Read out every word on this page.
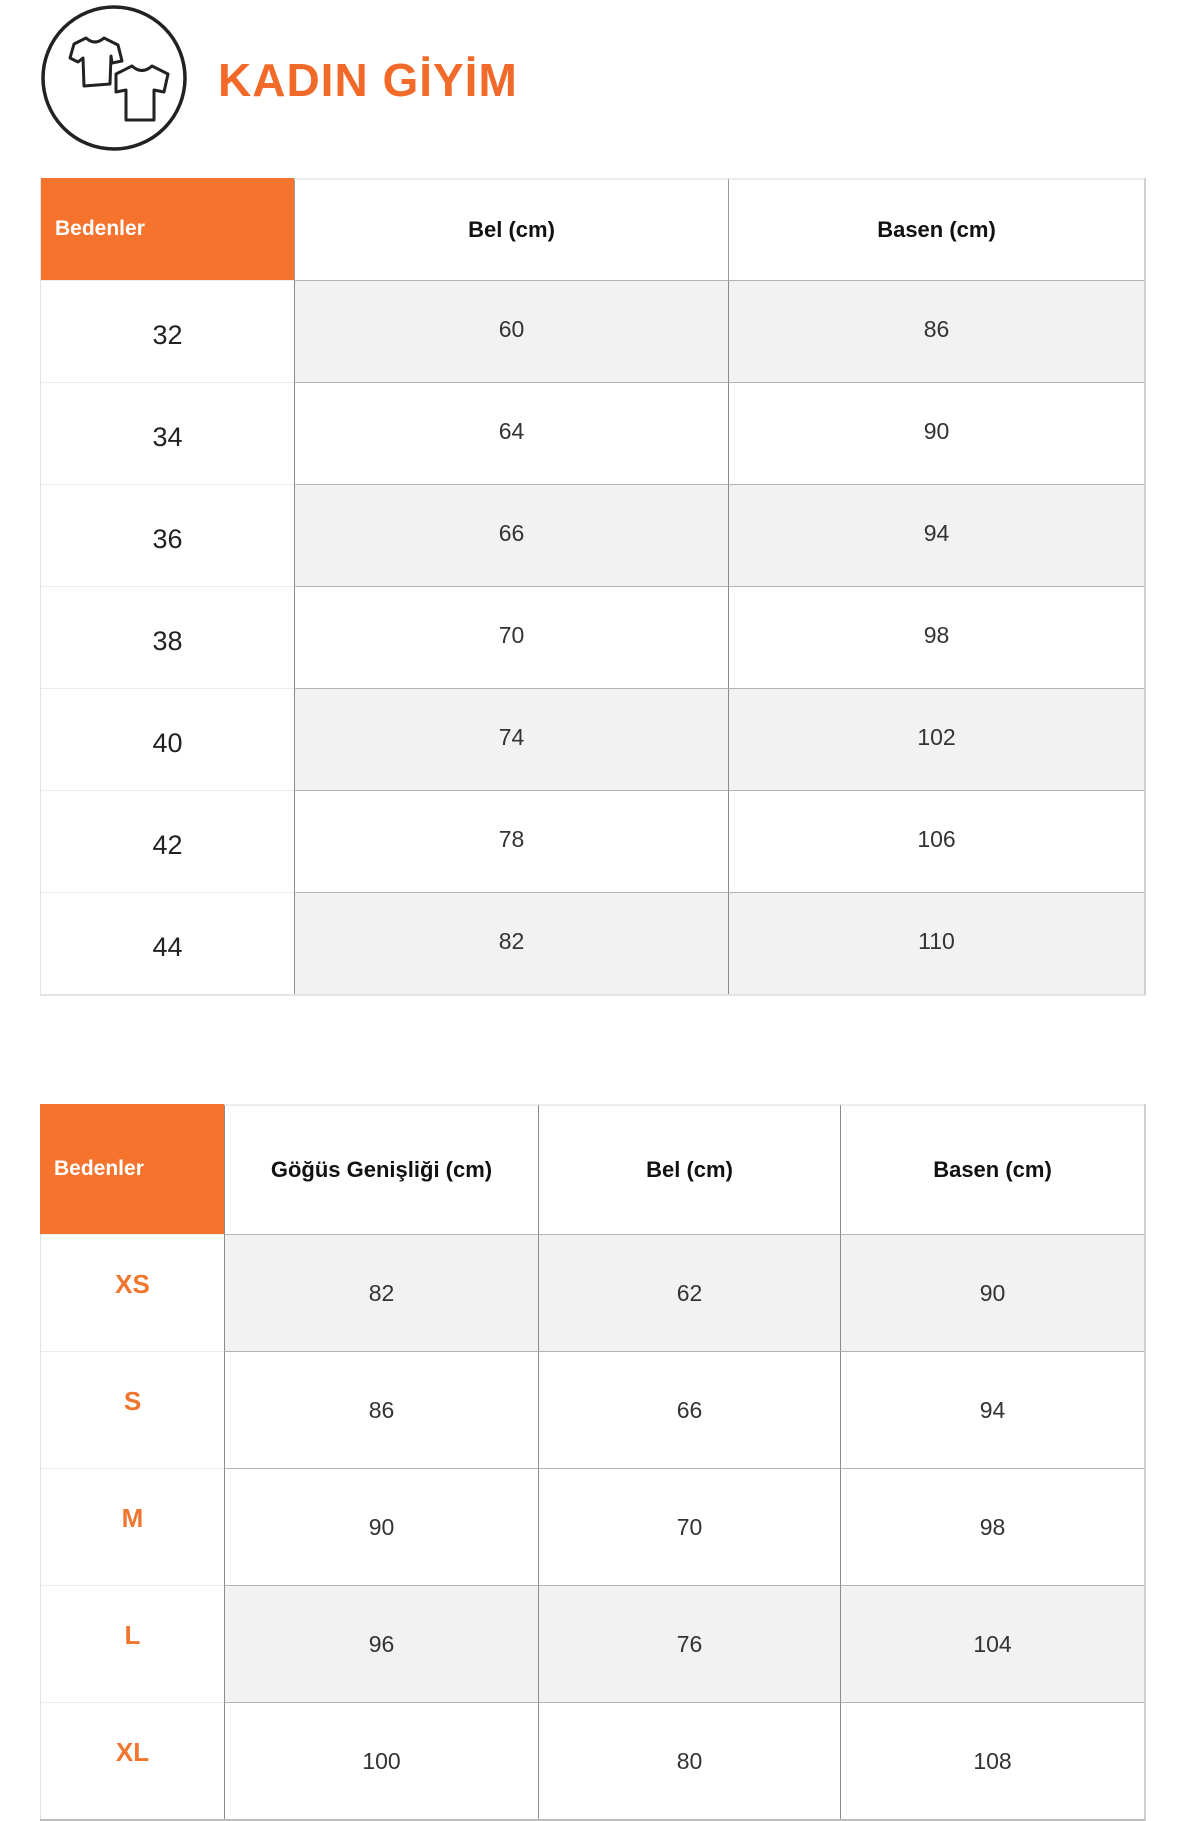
KADIN GİYİM
Bedenler	Bel (cm)	Basen (cm)
32	60	86
34	64	90
36	66	94
38	70	98
40	74	102
42	78	106
44	82	110
Bedenler	Göğüs Genişliği (cm)	Bel (cm)	Basen (cm)
XS	82	62	90
S	86	66	94
M	90	70	98
L	96	76	104
XL	100	80	108
